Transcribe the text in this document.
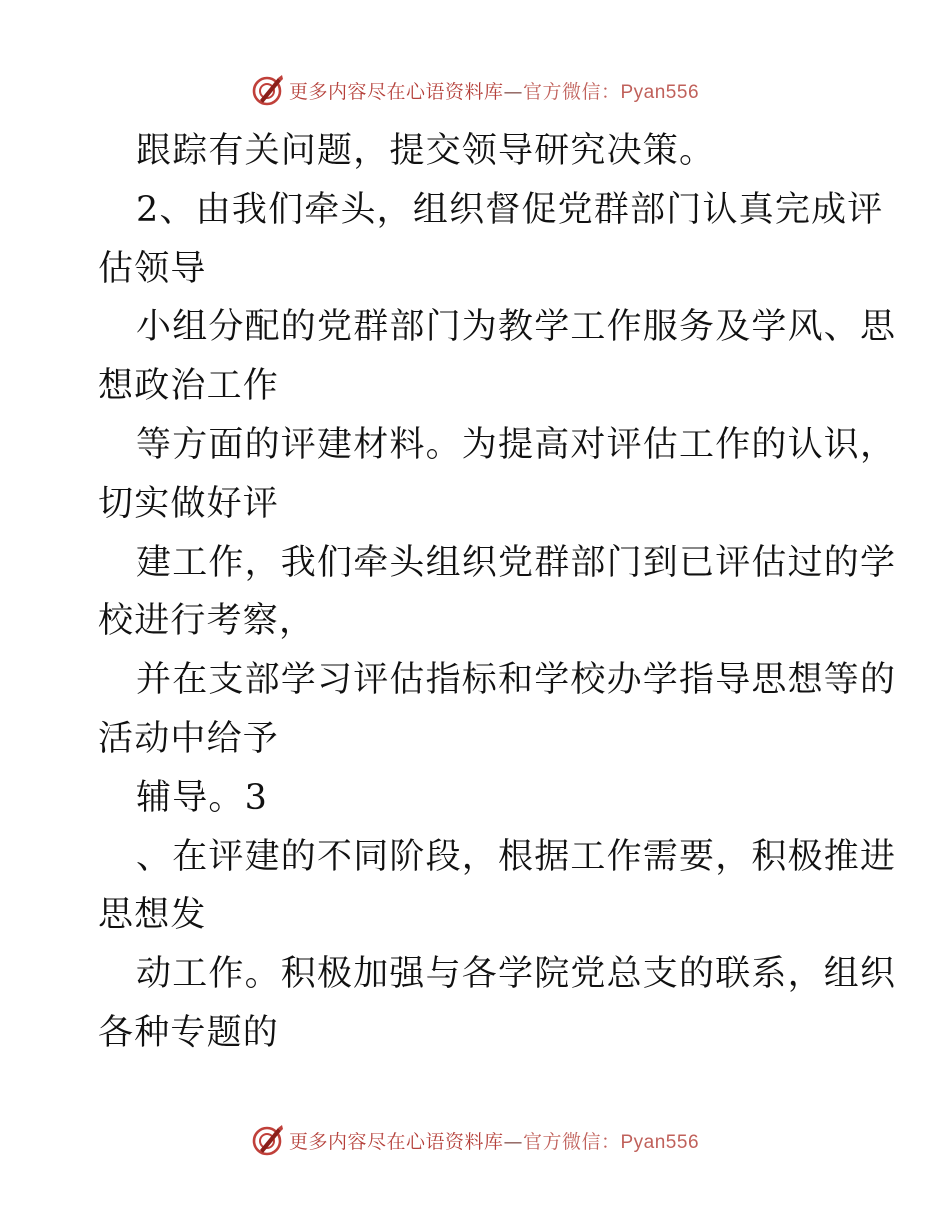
更多内容尽在心语资料库—官方微信：Pyan556
跟踪有关问题，提交领导研究决策。
2、由我们牵头，组织督促党群部门认真完成评
估领导
小组分配的党群部门为教学工作服务及学风、思
想政治工作
等方面的评建材料。为提高对评估工作的认识，
切实做好评
建工作，我们牵头组织党群部门到已评估过的学
校进行考察，
并在支部学习评估指标和学校办学指导思想等的
活动中给予
辅导。3
、在评建的不同阶段，根据工作需要，积极推进
思想发
动工作。积极加强与各学院党总支的联系，组织
各种专题的
更多内容尽在心语资料库—官方微信：Pyan556
